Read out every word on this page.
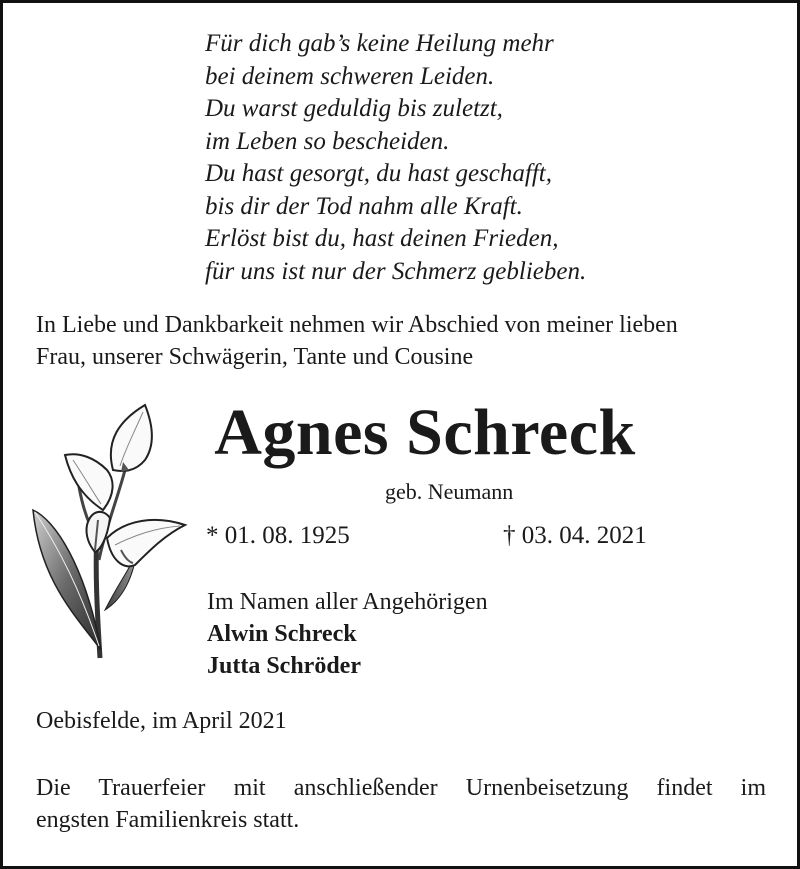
Für dich gab’s keine Heilung mehr
bei deinem schweren Leiden.
Du warst geduldig bis zuletzt,
im Leben so bescheiden.
Du hast gesorgt, du hast geschafft,
bis dir der Tod nahm alle Kraft.
Erlöst bist du, hast deinen Frieden,
für uns ist nur der Schmerz geblieben.
In Liebe und Dankbarkeit nehmen wir Abschied von meiner lieben
Frau, unserer Schwägerin, Tante und Cousine
Agnes Schreck
geb. Neumann
* 01. 08. 1925	† 03. 04. 2021
Im Namen aller Angehörigen
Alwin Schreck
Jutta Schröder
Oebisfelde, im April 2021
Die Trauerfeier mit anschließender Urnenbeisetzung findet im
engsten Familienkreis statt.
